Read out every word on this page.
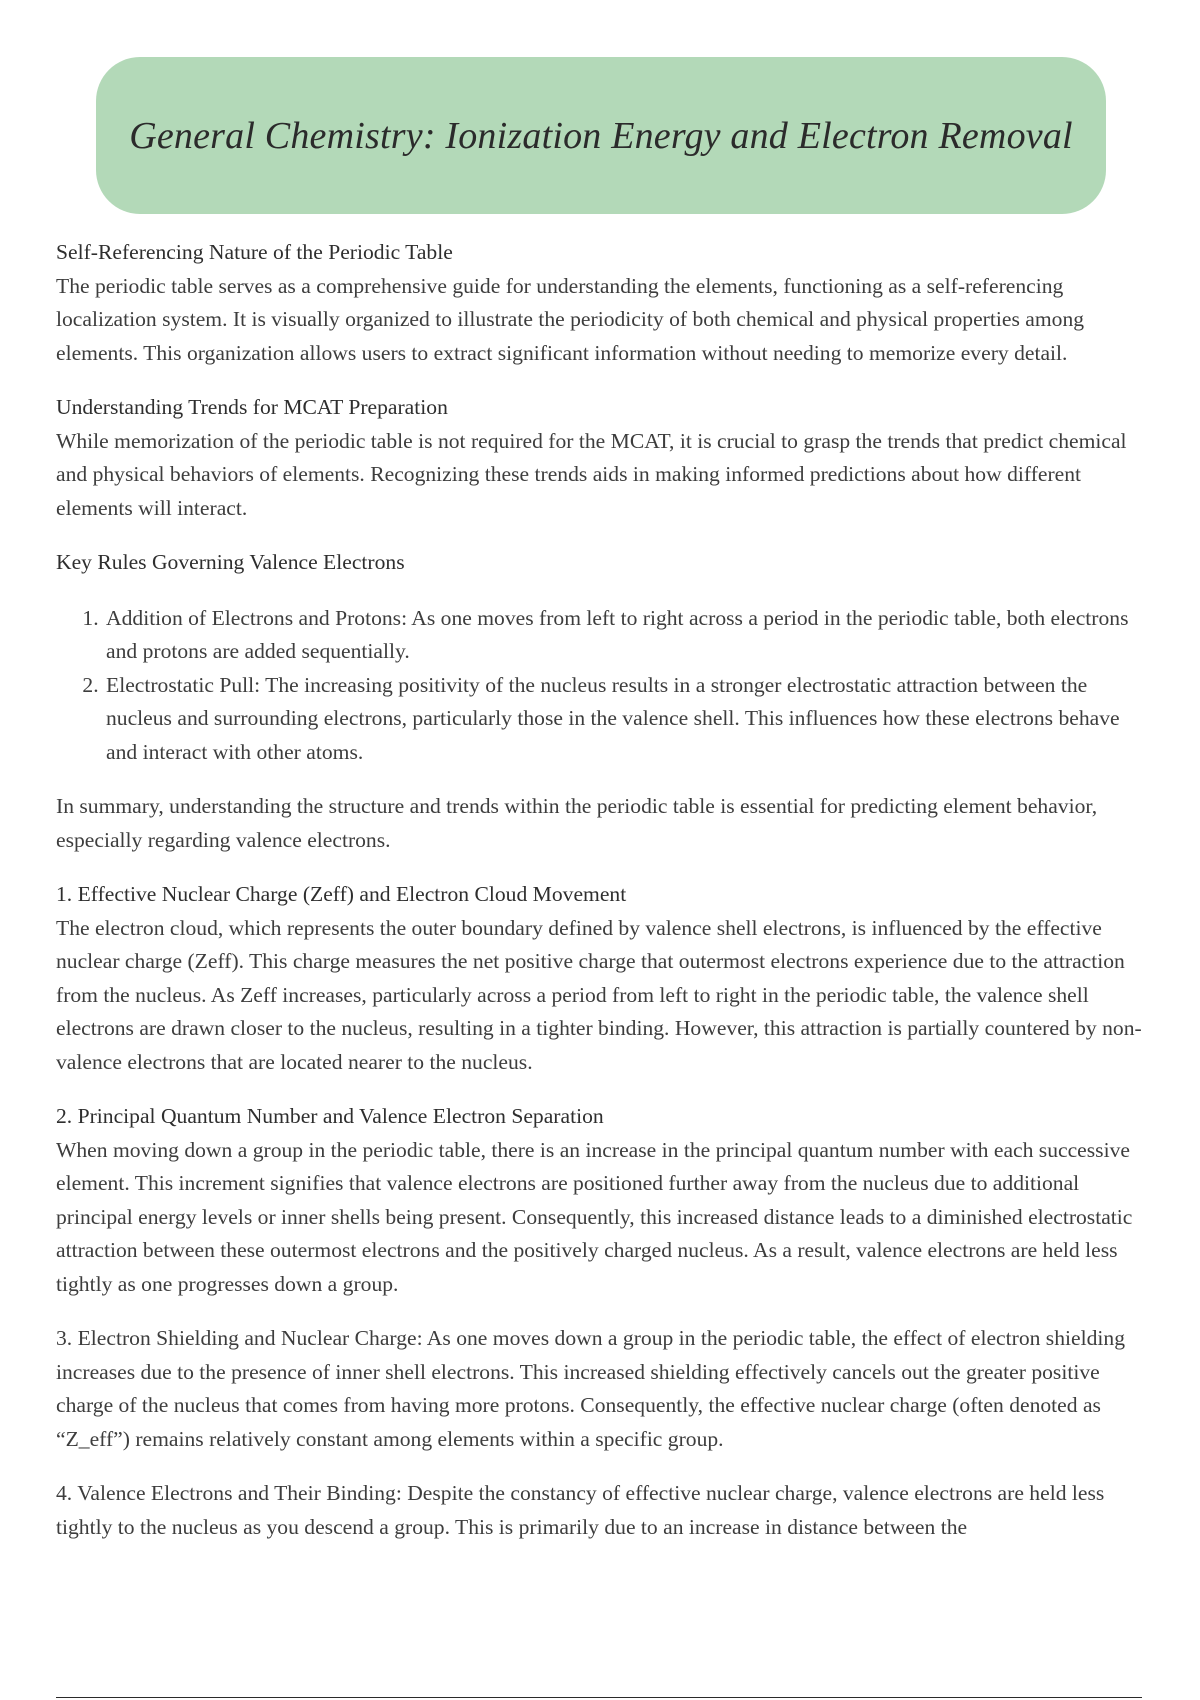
General Chemistry: Ionization Energy and Electron Removal

Self-Referencing Nature of the Periodic Table

The periodic table serves as a comprehensive guide for understanding the elements, functioning as a self-referencing localization system. It is visually organized to illustrate the periodicity of both chemical and physical properties among elements. This organization allows users to extract significant information without needing to memorize every detail.

Understanding Trends for MCAT Preparation

While memorization of the periodic table is not required for the MCAT, it is crucial to grasp the trends that predict chemical and physical behaviors of elements. Recognizing these trends aids in making informed predictions about how different elements will interact.

Key Rules Governing Valence Electrons

1. Addition of Electrons and Protons: As one moves from left to right across a period in the periodic table, both electrons and protons are added sequentially.
2. Electrostatic Pull: The increasing positivity of the nucleus results in a stronger electrostatic attraction between the nucleus and surrounding electrons, particularly those in the valence shell. This influences how these electrons behave and interact with other atoms.

In summary, understanding the structure and trends within the periodic table is essential for predicting element behavior, especially regarding valence electrons.

1. Effective Nuclear Charge (Zeff) and Electron Cloud Movement

The electron cloud, which represents the outer boundary defined by valence shell electrons, is influenced by the effective nuclear charge (Zeff). This charge measures the net positive charge that outermost electrons experience due to the attraction from the nucleus. As Zeff increases, particularly across a period from left to right in the periodic table, the valence shell electrons are drawn closer to the nucleus, resulting in a tighter binding. However, this attraction is partially countered by non-valence electrons that are located nearer to the nucleus.

2. Principal Quantum Number and Valence Electron Separation

When moving down a group in the periodic table, there is an increase in the principal quantum number with each successive element. This increment signifies that valence electrons are positioned further away from the nucleus due to additional principal energy levels or inner shells being present. Consequently, this increased distance leads to a diminished electrostatic attraction between these outermost electrons and the positively charged nucleus. As a result, valence electrons are held less tightly as one progresses down a group.

3. Electron Shielding and Nuclear Charge: As one moves down a group in the periodic table, the effect of electron shielding increases due to the presence of inner shell electrons. This increased shielding effectively cancels out the greater positive charge of the nucleus that comes from having more protons. Consequently, the effective nuclear charge (often denoted as “Z_eff”) remains relatively constant among elements within a specific group.

4. Valence Electrons and Their Binding: Despite the constancy of effective nuclear charge, valence electrons are held less tightly to the nucleus as you descend a group. This is primarily due to an increase in distance between the
